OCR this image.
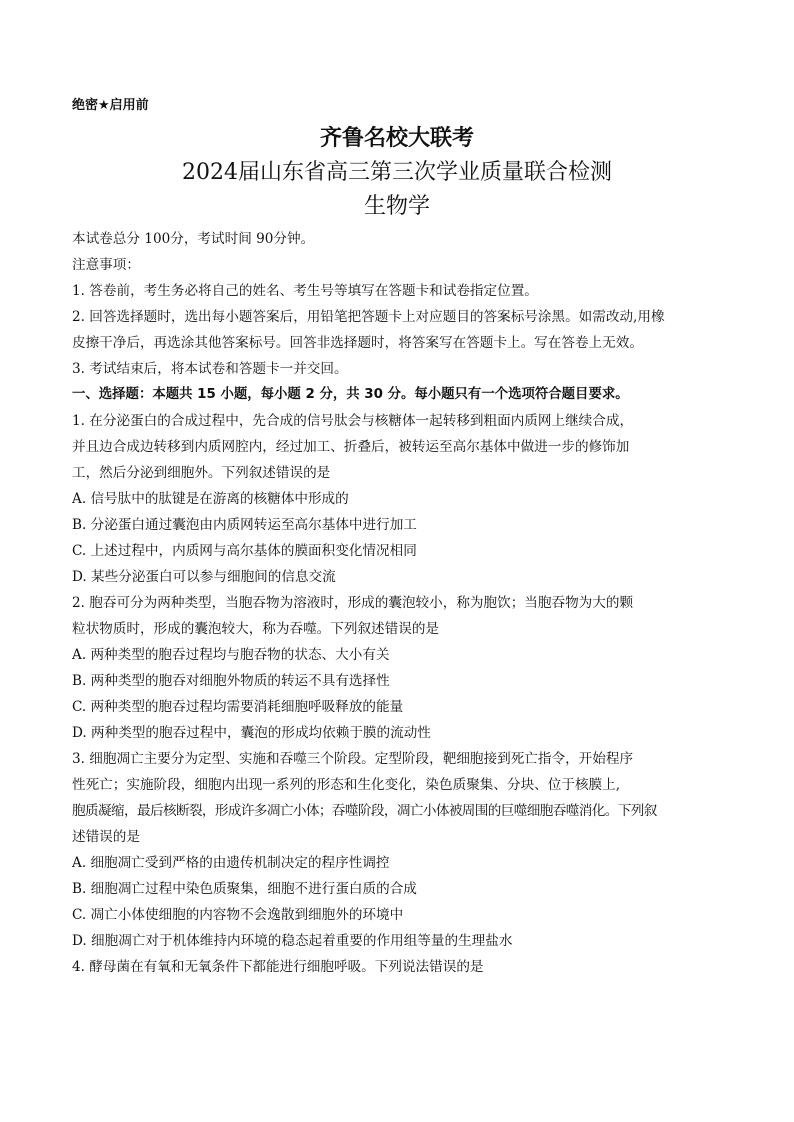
绝密★启用前
齐鲁名校大联考
2024届山东省高三第三次学业质量联合检测
生物学
本试卷总分 100分，考试时间 90分钟。
注意事项：
1. 答卷前，考生务必将自己的姓名、考生号等填写在答题卡和试卷指定位置。
2. 回答选择题时，选出每小题答案后，用铅笔把答题卡上对应题目的答案标号涂黑。如需改动,用橡
皮擦干净后，再选涂其他答案标号。回答非选择题时，将答案写在答题卡上。写在答卷上无效。
3. 考试结束后，将本试卷和答题卡一并交回。
一、选择题：本题共 15 小题，每小题 2 分，共 30 分。每小题只有一个选项符合题目要求。
1. 在分泌蛋白的合成过程中，先合成的信号肽会与核糖体一起转移到粗面内质网上继续合成，
并且边合成边转移到内质网腔内，经过加工、折叠后，被转运至高尔基体中做进一步的修饰加
工，然后分泌到细胞外。下列叙述错误的是
A. 信号肽中的肽键是在游离的核糖体中形成的
B. 分泌蛋白通过囊泡由内质网转运至高尔基体中进行加工
C. 上述过程中，内质网与高尔基体的膜面积变化情况相同
D. 某些分泌蛋白可以参与细胞间的信息交流
2. 胞吞可分为两种类型，当胞吞物为溶液时，形成的囊泡较小，称为胞饮；当胞吞物为大的颗
粒状物质时，形成的囊泡较大，称为吞噬。下列叙述错误的是
A. 两种类型的胞吞过程均与胞吞物的状态、大小有关
B. 两种类型的胞吞对细胞外物质的转运不具有选择性
C. 两种类型的胞吞过程均需要消耗细胞呼吸释放的能量
D. 两种类型的胞吞过程中，囊泡的形成均依赖于膜的流动性
3. 细胞凋亡主要分为定型、实施和吞噬三个阶段。定型阶段，靶细胞接到死亡指令，开始程序
性死亡；实施阶段，细胞内出现一系列的形态和生化变化，染色质聚集、分块、位于核膜上,
胞质凝缩，最后核断裂，形成许多凋亡小体；吞噬阶段，凋亡小体被周围的巨噬细胞吞噬消化。下列叙
述错误的是
A. 细胞凋亡受到严格的由遗传机制决定的程序性调控
B. 细胞凋亡过程中染色质聚集，细胞不进行蛋白质的合成
C. 凋亡小体使细胞的内容物不会逸散到细胞外的环境中
D. 细胞凋亡对于机体维持内环境的稳态起着重要的作用组等量的生理盐水
4. 酵母菌在有氧和无氧条件下都能进行细胞呼吸。下列说法错误的是
